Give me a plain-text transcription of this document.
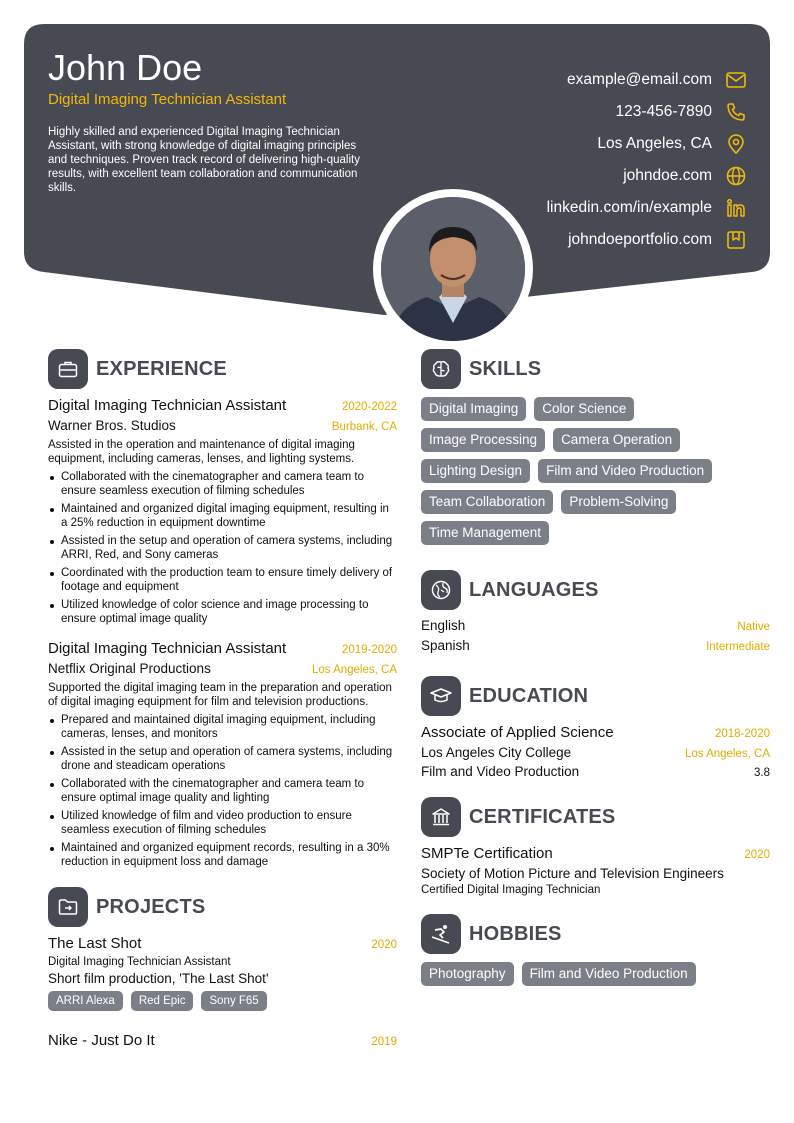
John Doe
Digital Imaging Technician Assistant
Highly skilled and experienced Digital Imaging Technician Assistant, with strong knowledge of digital imaging principles and techniques. Proven track record of delivering high-quality results, with excellent team collaboration and communication skills.
example@email.com
123-456-7890
Los Angeles, CA
johndoe.com
linkedin.com/in/example
johndoeportfolio.com
EXPERIENCE
Digital Imaging Technician Assistant	2020-2022
Warner Bros. Studios	Burbank, CA
Assisted in the operation and maintenance of digital imaging equipment, including cameras, lenses, and lighting systems.
Collaborated with the cinematographer and camera team to ensure seamless execution of filming schedules
Maintained and organized digital imaging equipment, resulting in a 25% reduction in equipment downtime
Assisted in the setup and operation of camera systems, including ARRI, Red, and Sony cameras
Coordinated with the production team to ensure timely delivery of footage and equipment
Utilized knowledge of color science and image processing to ensure optimal image quality
Digital Imaging Technician Assistant	2019-2020
Netflix Original Productions	Los Angeles, CA
Supported the digital imaging team in the preparation and operation of digital imaging equipment for film and television productions.
Prepared and maintained digital imaging equipment, including cameras, lenses, and monitors
Assisted in the setup and operation of camera systems, including drone and steadicam operations
Collaborated with the cinematographer and camera team to ensure optimal image quality and lighting
Utilized knowledge of film and video production to ensure seamless execution of filming schedules
Maintained and organized equipment records, resulting in a 30% reduction in equipment loss and damage
PROJECTS
The Last Shot	2020
Digital Imaging Technician Assistant
Short film production, 'The Last Shot'
ARRI Alexa	Red Epic	Sony F65
Nike - Just Do It	2019
SKILLS
Digital Imaging	Color Science
Image Processing	Camera Operation
Lighting Design	Film and Video Production
Team Collaboration	Problem-Solving
Time Management
LANGUAGES
English	Native
Spanish	Intermediate
EDUCATION
Associate of Applied Science	2018-2020
Los Angeles City College	Los Angeles, CA
Film and Video Production	3.8
CERTIFICATES
SMPTe Certification	2020
Society of Motion Picture and Television Engineers
Certified Digital Imaging Technician
HOBBIES
Photography	Film and Video Production
